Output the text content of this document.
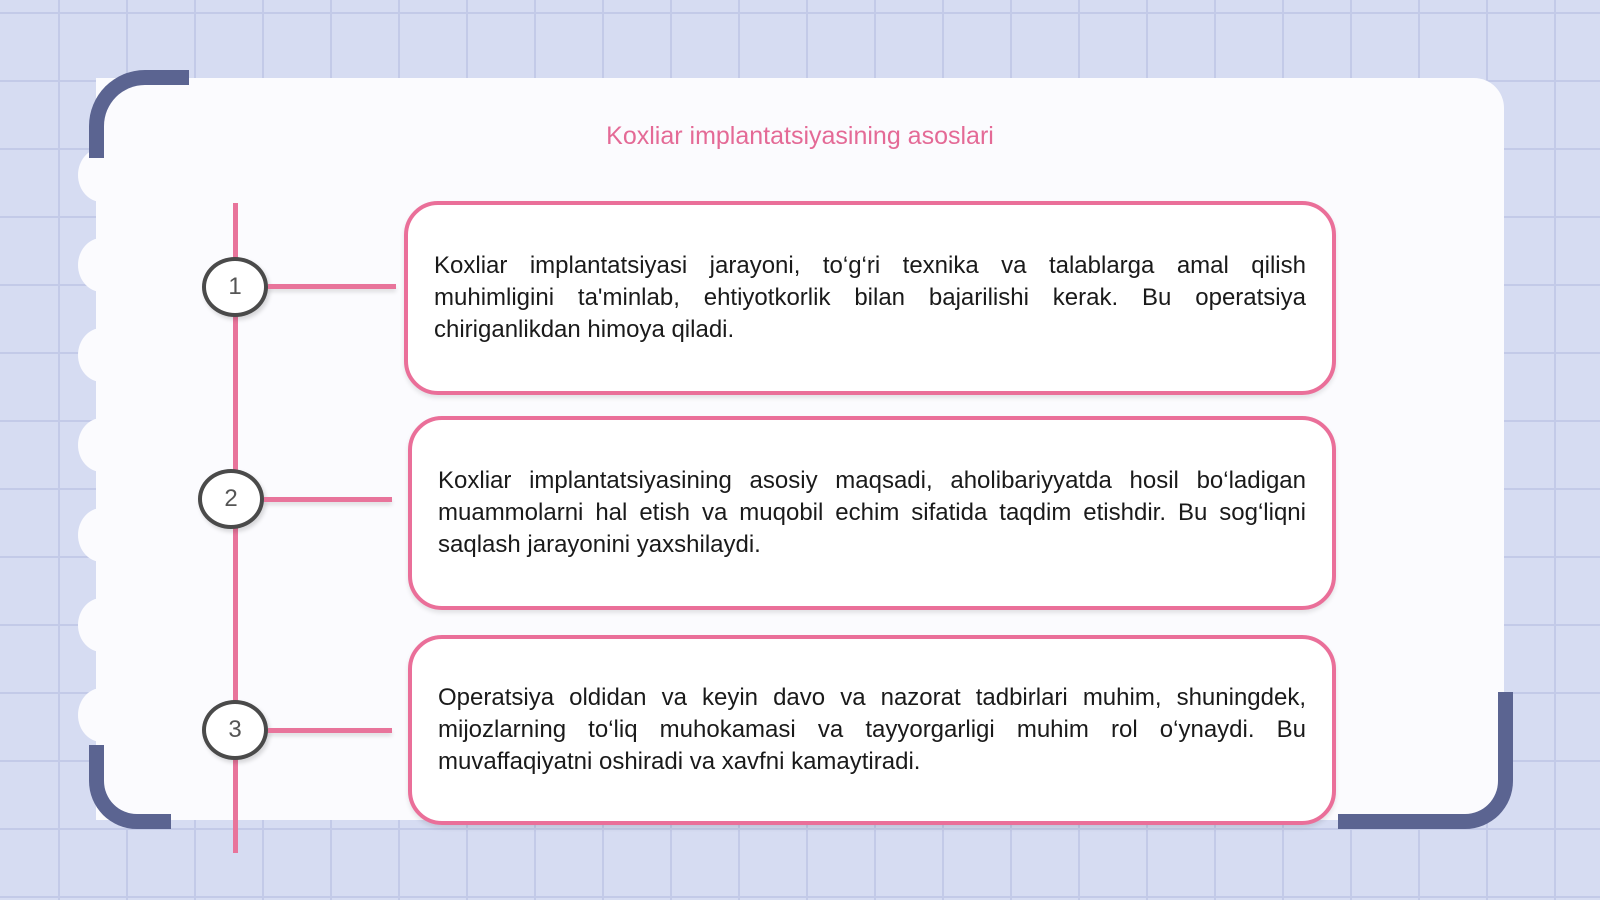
Koxliar implantatsiyasining asoslari
1

Koxliar implantatsiyasi jarayoni, to‘g‘ri texnika va talablarga amal qilish muhimligini ta'minlab, ehtiyotkorlik bilan bajarilishi kerak. Bu operatsiya chiriganlikdan himoya qiladi.

2

Koxliar implantatsiyasining asosiy maqsadi, aholibariyyatda hosil bo‘ladigan muammolarni hal etish va muqobil echim sifatida taqdim etishdir. Bu sog‘liqni saqlash jarayonini yaxshilaydi.

3

Operatsiya oldidan va keyin davo va nazorat tadbirlari muhim, shuningdek, mijozlarning to‘liq muhokamasi va tayyorgarligi muhim rol o‘ynaydi. Bu muvaffaqiyatni oshiradi va xavfni kamaytiradi.
